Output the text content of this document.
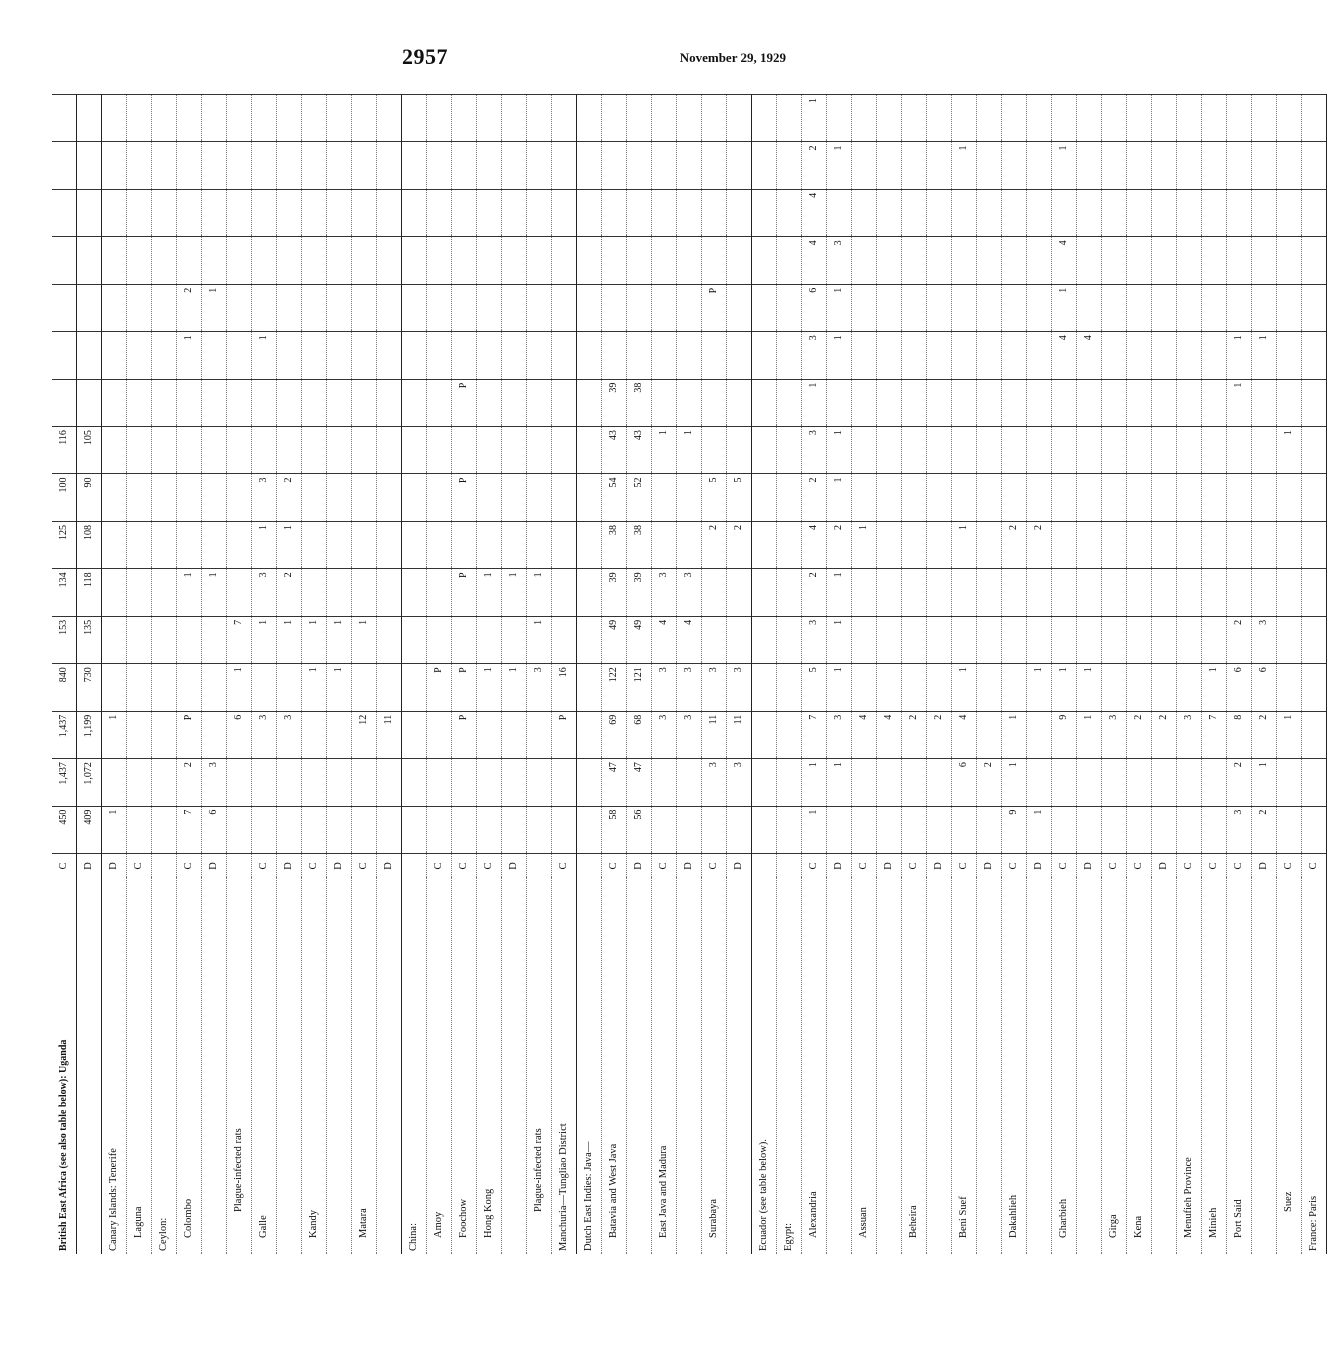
2957	November 29, 1929
British East Africa (see also table below): Uganda	C	450	1,437	1,437	840	153	134	125	100	116							
	D	409	1,072	1,199	730	135	118	108	90	105							
Canary Islands: Tenerife	D	1		1													
Laguna	C																
Ceylon:																	
Colombo	C	7	2	P			1					1	2				
	D	6	3				1						1				
Plague-infected rats				6	1	7											
Galle	C			3		1	3	1	3			1					
	D			3		1	2	1	2								
Kandy	C				1	1											
	D				1	1											
Matara	C			12		1											
	D			11													
China:																	
Amoy	C				P												
Foochow	C			P	P		P		P		P						
Hong Kong	C				1		1										
	D				1		1										
Plague-infected rats					3	1	1										
Manchuria—Tungliao District	C			P	16												
Dutch East Indies: Java—																	
Batavia and West Java	C	58	47	69	122	49	39	38	54	43	39						
	D	56	47	68	121	49	39	38	52	43	38						
East Java and Madura	C			3	3	4	3			1							
	D			3	3	4	3			1							
Surabaya	C		3	11	3			2	5				P				
	D		3	11	3			2	5								
Ecuador (see table below).																	
Egypt:																	
Alexandria	C	1	1	7	5	3	2	4	2	3	1	3	6	4	4	2	1
	D		1	3	1	1	1	2	1	1		1	1	3		1	
Assuan	C			4				1									
	D			4													
Beheira	C			2													
	D			2													
Beni Suef	C		6	4	1			1								1	
	D		2														
Dakahlieh	C	9	1	1				2									
	D	1			1			2									
Gharbieh	C			9	1							4	1	4		1	
	D			1	1							4					
Girga	C			3													
Kena	C			2													
	D			2													
Menufieh Province	C			3													
Minieh	C			7	1												
Port Said	C	3	2	8	6	2					1	1					
	D	2	1	2	6	3						1					
Suez	C			1						1							
France: Paris	C																
